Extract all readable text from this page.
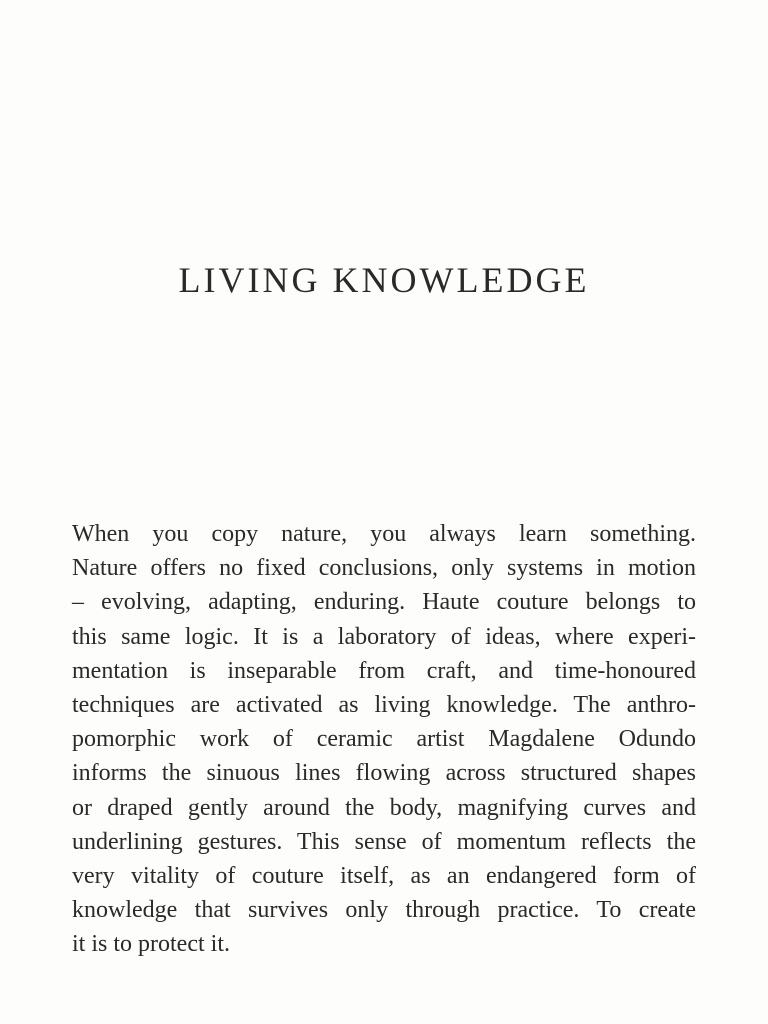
LIVING KNOWLEDGE
When you copy nature, you always learn something.
Nature offers no fixed conclusions, only systems in motion
– evolving, adapting, enduring. Haute couture belongs to
this same logic. It is a laboratory of ideas, where experi-
mentation is inseparable from craft, and time-honoured
techniques are activated as living knowledge. The anthro-
pomorphic work of ceramic artist Magdalene Odundo
informs the sinuous lines flowing across structured shapes
or draped gently around the body, magnifying curves and
underlining gestures. This sense of momentum reflects the
very vitality of couture itself, as an endangered form of
knowledge that survives only through practice. To create
it is to protect it.
